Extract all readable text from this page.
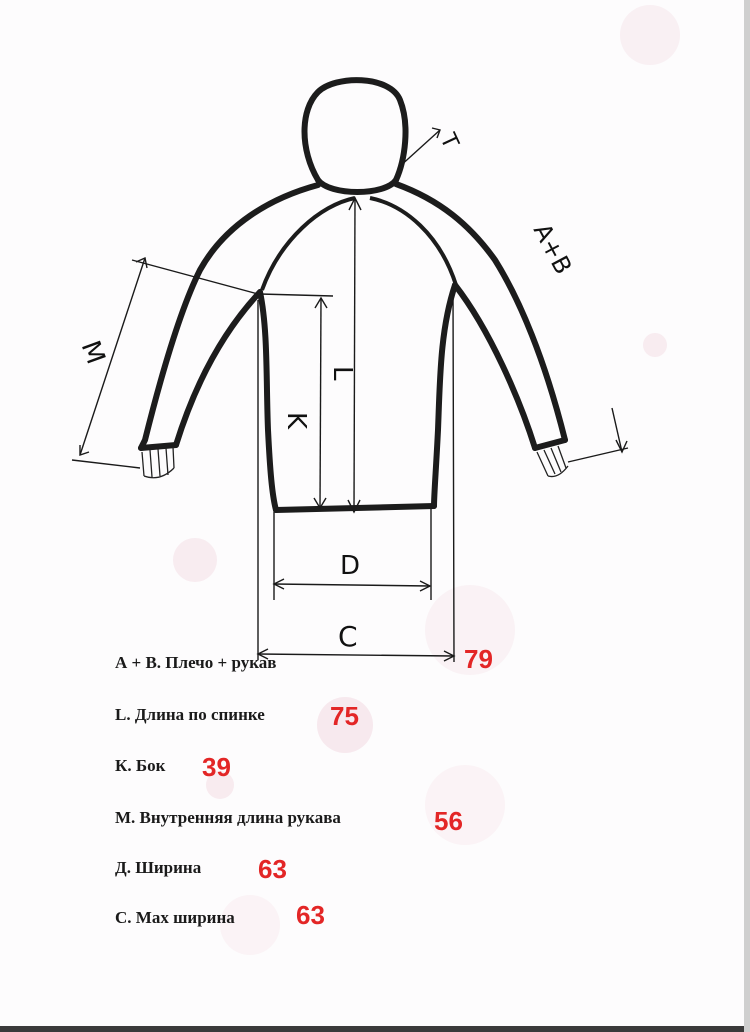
A+B
T
L
K
M
D
C
А + В. Плечо + рукав	79
L. Длина по спинке	75
К. Бок 39
М. Внутренняя длина рукава	56
Д. Ширина 63
С. Мах ширина 63
